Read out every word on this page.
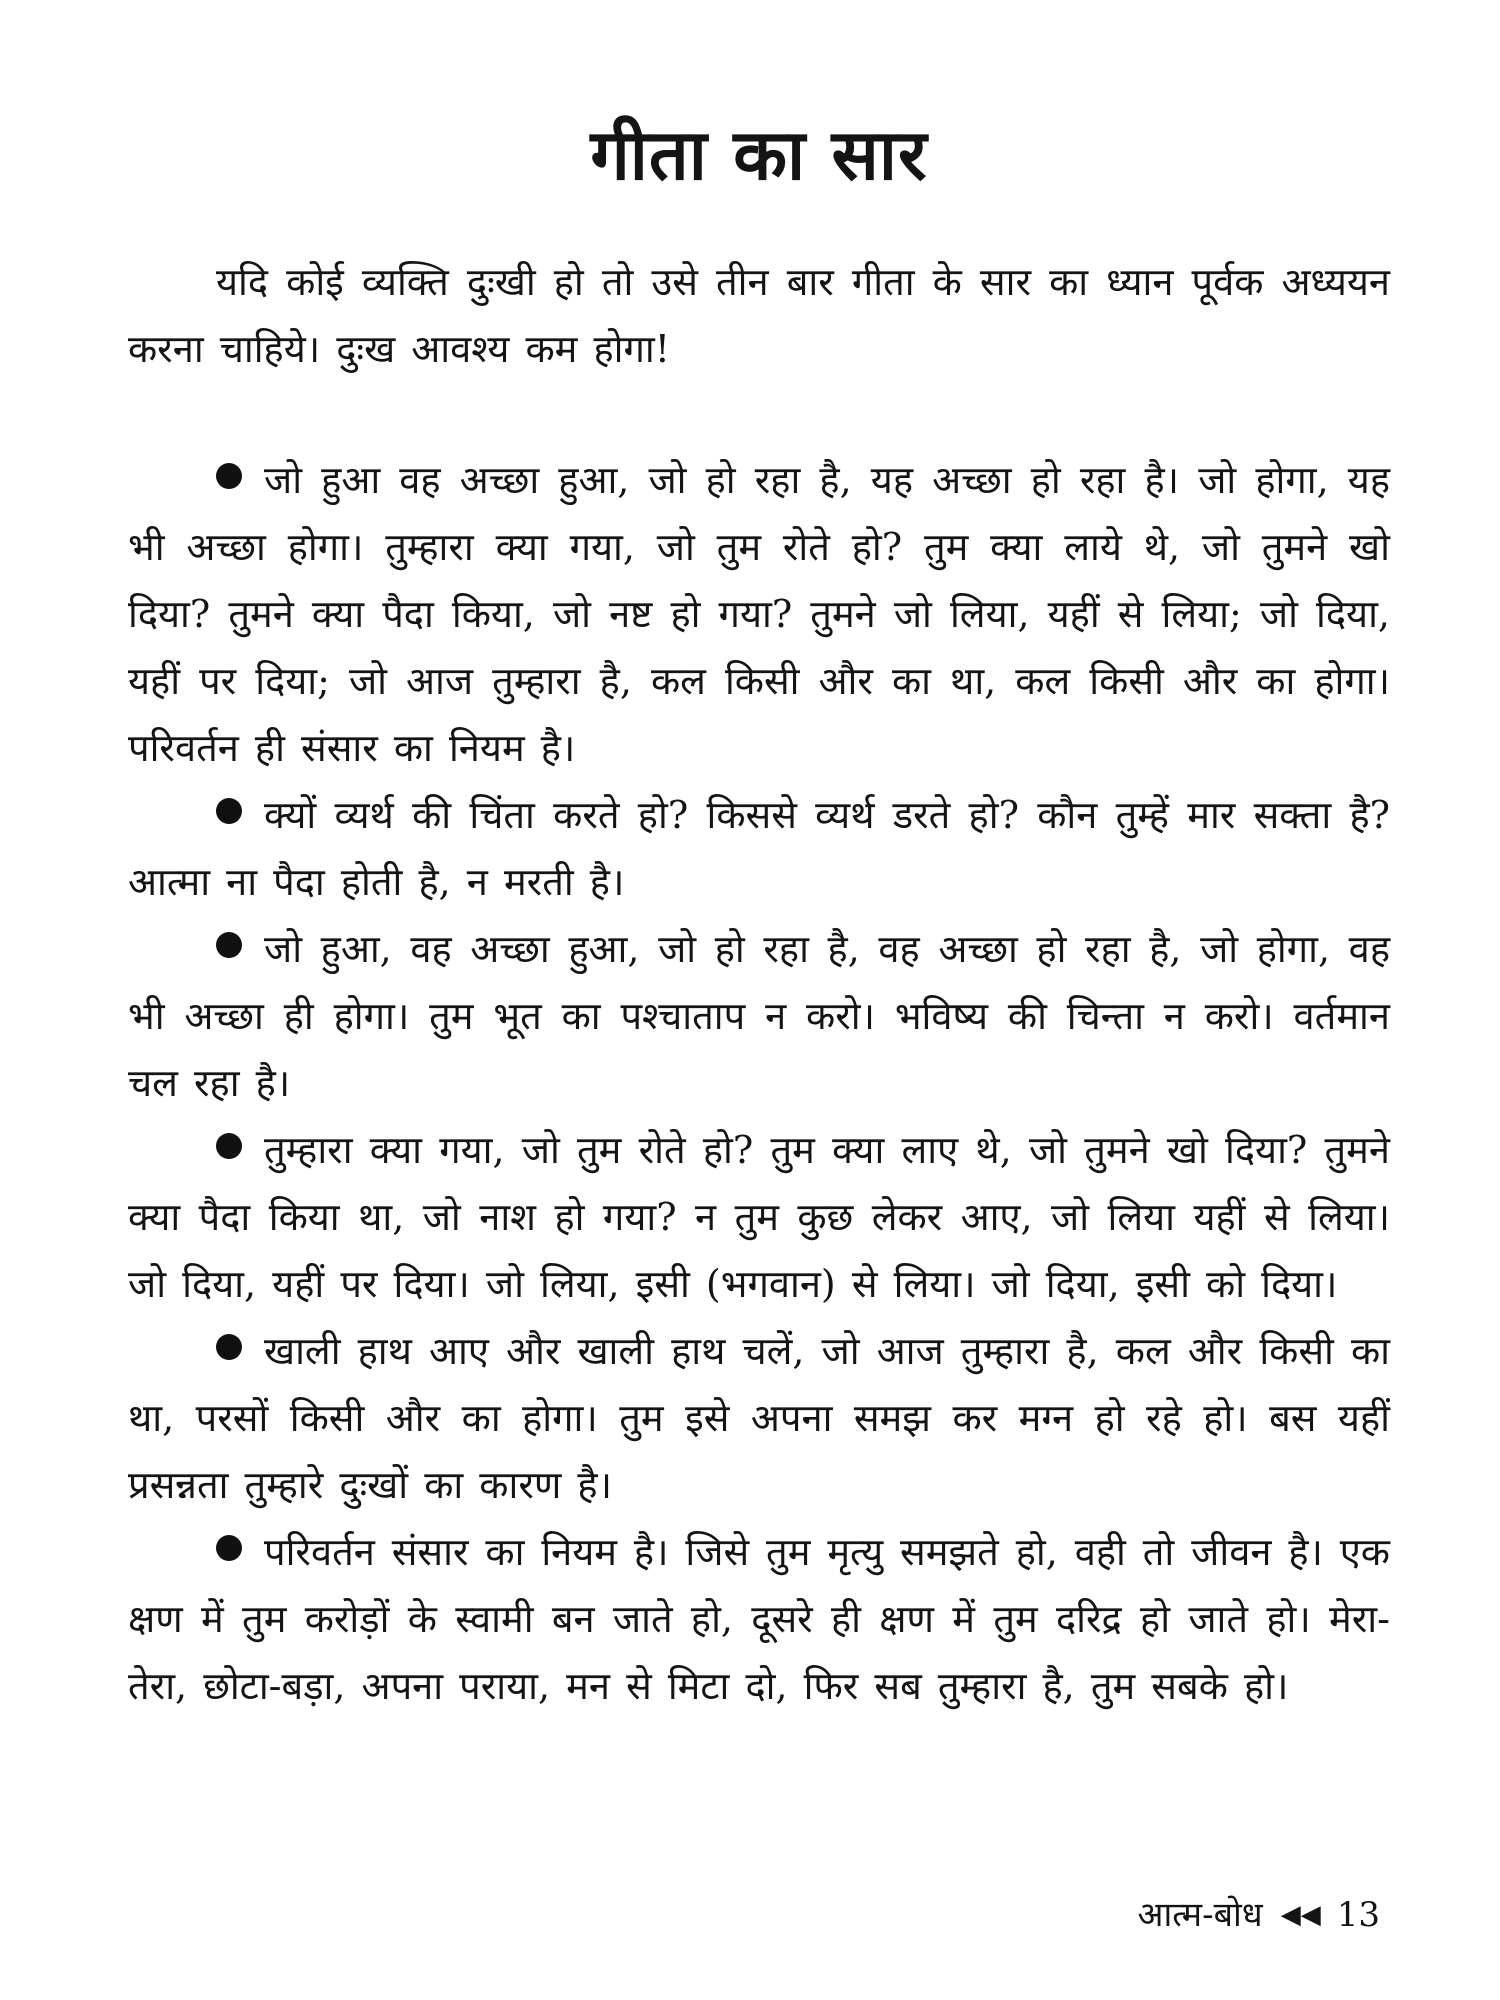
गीता का सार

यदि कोई व्यक्ति दुःखी हो तो उसे तीन बार गीता के सार का ध्यान पूर्वक अध्ययन करना चाहिये। दुःख आवश्य कम होगा!

जो हुआ वह अच्छा हुआ, जो हो रहा है, यह अच्छा हो रहा है। जो होगा, यह भी अच्छा होगा। तुम्हारा क्या गया, जो तुम रोते हो? तुम क्या लाये थे, जो तुमने खो दिया? तुमने क्या पैदा किया, जो नष्ट हो गया? तुमने जो लिया, यहीं से लिया; जो दिया, यहीं पर दिया; जो आज तुम्हारा है, कल किसी और का था, कल किसी और का होगा। परिवर्तन ही संसार का नियम है।

क्यों व्यर्थ की चिंता करते हो? किससे व्यर्थ डरते हो? कौन तुम्हें मार सक्ता है? आत्मा ना पैदा होती है, न मरती है।

जो हुआ, वह अच्छा हुआ, जो हो रहा है, वह अच्छा हो रहा है, जो होगा, वह भी अच्छा ही होगा। तुम भूत का पश्चाताप न करो। भविष्य की चिन्ता न करो। वर्तमान चल रहा है।

तुम्हारा क्या गया, जो तुम रोते हो? तुम क्या लाए थे, जो तुमने खो दिया? तुमने क्या पैदा किया था, जो नाश हो गया? न तुम कुछ लेकर आए, जो लिया यहीं से लिया। जो दिया, यहीं पर दिया। जो लिया, इसी (भगवान) से लिया। जो दिया, इसी को दिया।

खाली हाथ आए और खाली हाथ चलें, जो आज तुम्हारा है, कल और किसी का था, परसों किसी और का होगा। तुम इसे अपना समझ कर मग्न हो रहे हो। बस यहीं प्रसन्नता तुम्हारे दुःखों का कारण है।

परिवर्तन संसार का नियम है। जिसे तुम मृत्यु समझते हो, वही तो जीवन है। एक क्षण में तुम करोड़ों के स्वामी बन जाते हो, दूसरे ही क्षण में तुम दरिद्र हो जाते हो। मेरा-तेरा, छोटा-बड़ा, अपना पराया, मन से मिटा दो, फिर सब तुम्हारा है, तुम सबके हो।

आत्म-बोध ◀◀ 13
